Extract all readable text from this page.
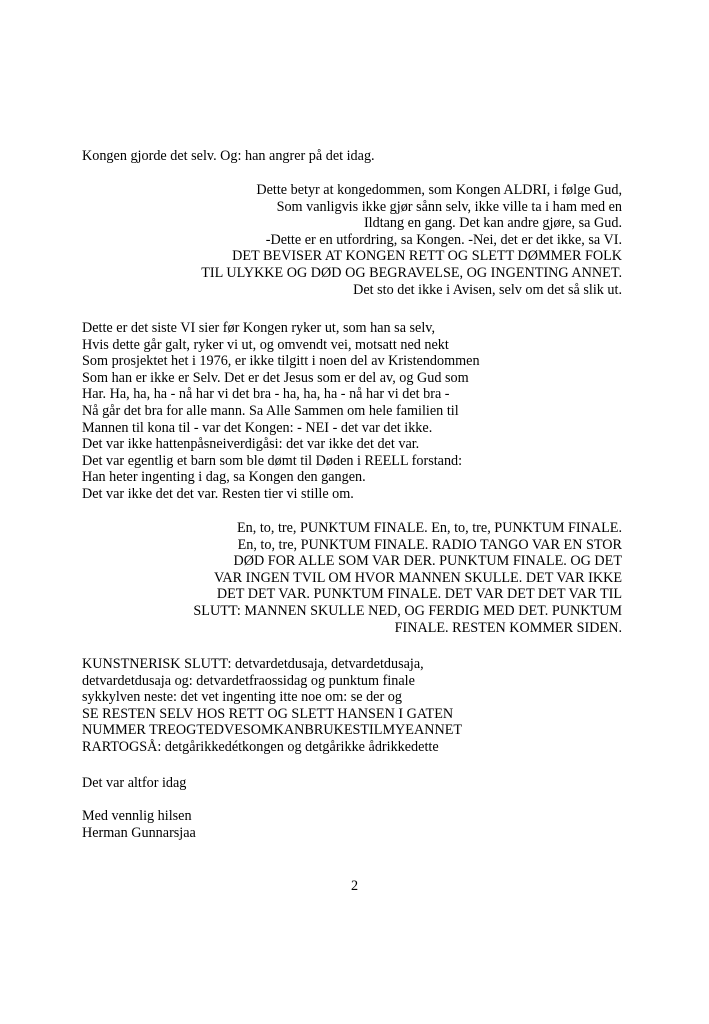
Kongen gjorde det selv. Og: han angrer på det idag.
Dette betyr at kongedommen, som Kongen ALDRI, i følge Gud,
Som vanligvis ikke gjør sånn selv, ikke ville ta i ham med en
Ildtang en gang. Det kan andre gjøre, sa Gud.
-Dette er en utfordring, sa Kongen. -Nei, det er det ikke, sa VI.
DET BEVISER AT KONGEN RETT OG SLETT DØMMER FOLK
TIL ULYKKE OG DØD OG BEGRAVELSE, OG INGENTING ANNET.
Det sto det ikke i Avisen, selv om det så slik ut.
Dette er det siste VI sier før Kongen ryker ut, som han sa selv,
Hvis dette går galt, ryker vi ut, og omvendt vei, motsatt ned nekt
Som prosjektet het i 1976, er ikke tilgitt i noen del av Kristendommen
Som han er ikke er Selv. Det er det Jesus som er del av, og Gud som
Har. Ha, ha, ha - nå har vi det bra - ha, ha, ha - nå har vi det bra -
Nå går det bra for alle mann. Sa Alle Sammen om hele familien til
Mannen til kona til - var det Kongen: - NEI - det var det ikke.
Det var ikke hattenpåsneiverdigåsi: det var ikke det det var.
Det var egentlig et barn som ble dømt til Døden i REELL forstand:
Han heter ingenting i dag, sa Kongen den gangen.
Det var ikke det det var. Resten tier vi stille om.
En, to, tre, PUNKTUM FINALE. En, to, tre, PUNKTUM FINALE.
En, to, tre, PUNKTUM FINALE. RADIO TANGO VAR EN STOR
DØD FOR ALLE SOM VAR DER. PUNKTUM FINALE. OG DET
VAR INGEN TVIL OM HVOR MANNEN SKULLE. DET VAR IKKE
DET DET VAR. PUNKTUM FINALE. DET VAR DET DET VAR TIL
SLUTT: MANNEN SKULLE NED, OG FERDIG MED DET. PUNKTUM
FINALE. RESTEN KOMMER SIDEN.
KUNSTNERISK SLUTT: detvardetdusaja, detvardetdusaja,
detvardetdusaja og: detvardetfraossidag og punktum finale
sykkylven neste: det vet ingenting itte noe om: se der og
SE RESTEN SELV HOS RETT OG SLETT HANSEN I GATEN
NUMMER TREOGTEDVESOMKANBRUKESTILMYEANNET
RARTOGSÅ: detgårikkedétkongen og detgårikke ådrikkedette
Det var altfor idag
Med vennlig hilsen
Herman Gunnarsjaa
2
